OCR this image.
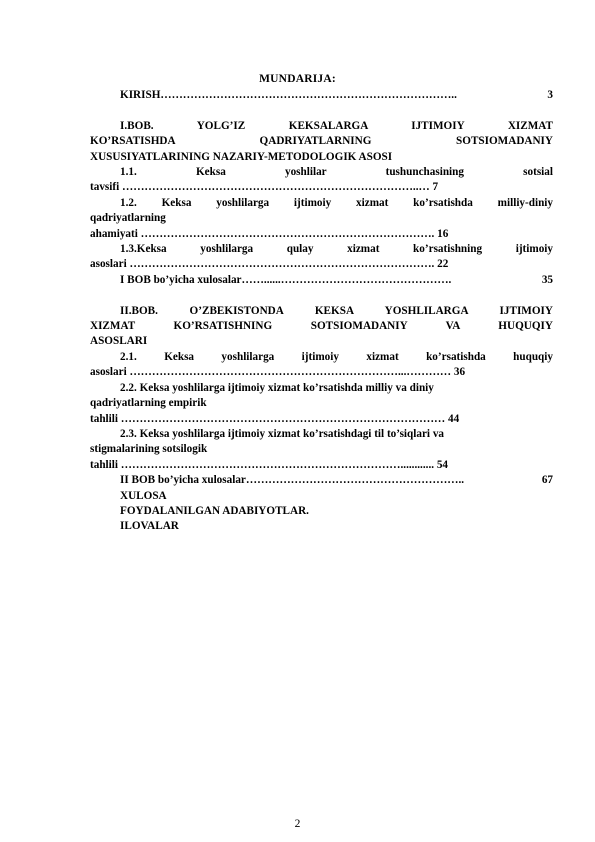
MUNDARIJA:
KIRISH ……………………………………………………………………..	3
I.BOB. YOLG’IZ KEKSALARGA IJTIMOIY XIZMAT
KO’RSATISHDA QADRIYATLARNING SOTSIOMADANIY
XUSUSIYATLARINING NAZARIY-METODOLOGIK ASOSI
1.1. Keksa yoshlilar tushunchasining sotsial
tavsifi ……………………………………………………………………..… 7
1.2. Keksa yoshlilarga ijtimoiy xizmat ko’rsatishda milliy-diniy
qadriyatlarning
ahamiyati ……………………………………………………………………. 16
1.3.Keksa yoshlilarga qulay xizmat ko’rsatishning ijtimoiy
asoslari ………………………………………………………………………. 22
I BOB bo’yicha xulosalar ……......……………………………………….	35
II.BOB. O’ZBEKISTONDA KEKSA YOSHLILARGA IJTIMOIY
XIZMAT KO’RSATISHNING SOTSIOMADANIY VA HUQUQIY
ASOSLARI
2.1. Keksa yoshlilarga ijtimoiy xizmat ko’rsatishda huquqiy
asoslari ………………………………………………………………...………… 36
2.2. Keksa yoshlilarga ijtimoiy xizmat ko’rsatishda milliy va diniy
qadriyatlarning empirik
tahlili …………………………………………………………………………… 44
2.3. Keksa yoshlilarga ijtimoiy xizmat ko’rsatishdagi til to’siqlari va
stigmalarining sotsilogik
tahlili …………………………………………………………………............ 54
II BOB bo’yicha xulosalar …………………………………………………..	67
XULOSA
FOYDALANILGAN ADABIYOTLAR.
ILOVALAR
2
